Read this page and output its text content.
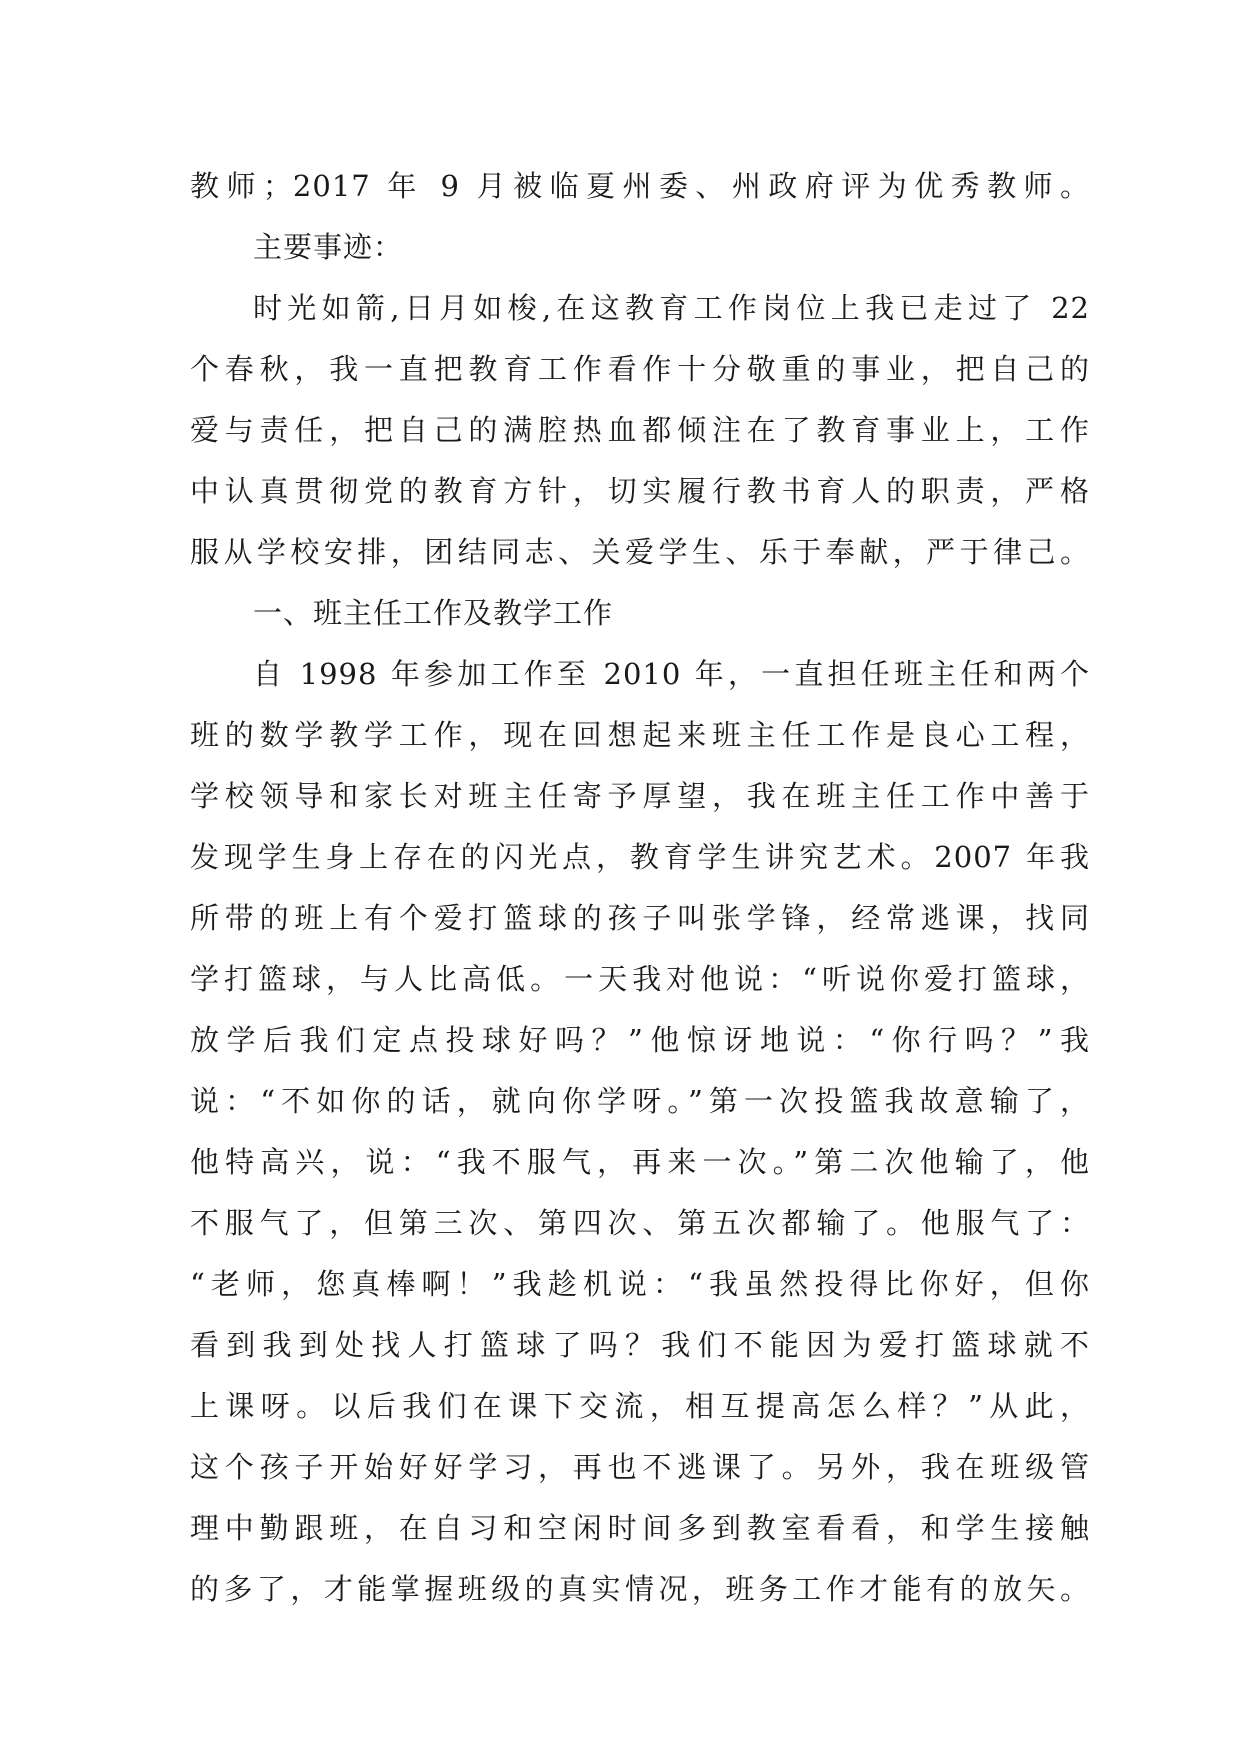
教师；2017 年 9 月被临夏州委、州政府评为优秀教师。
主要事迹：
时光如箭,日月如梭,在这教育工作岗位上我已走过了 22
个春秋，我一直把教育工作看作十分敬重的事业，把自己的
爱与责任，把自己的满腔热血都倾注在了教育事业上，工作
中认真贯彻党的教育方针，切实履行教书育人的职责，严格
服从学校安排，团结同志、关爱学生、乐于奉献，严于律己。
一、班主任工作及教学工作
自 1998 年参加工作至 2010 年，一直担任班主任和两个
班的数学教学工作，现在回想起来班主任工作是良心工程，
学校领导和家长对班主任寄予厚望，我在班主任工作中善于
发现学生身上存在的闪光点，教育学生讲究艺术。2007 年我
所带的班上有个爱打篮球的孩子叫张学锋，经常逃课，找同
学打篮球，与人比高低。一天我对他说：“听说你爱打篮球，
放学后我们定点投球好吗？”他惊讶地说：“你行吗？”我
说：“不如你的话，就向你学呀。”第一次投篮我故意输了，
他特高兴，说：“我不服气，再来一次。”第二次他输了，他
不服气了，但第三次、第四次、第五次都输了。他服气了：
“老师，您真棒啊！”我趁机说：“我虽然投得比你好，但你
看到我到处找人打篮球了吗？我们不能因为爱打篮球就不
上课呀。以后我们在课下交流，相互提高怎么样？”从此，
这个孩子开始好好学习，再也不逃课了。另外，我在班级管
理中勤跟班，在自习和空闲时间多到教室看看，和学生接触
的多了，才能掌握班级的真实情况，班务工作才能有的放矢。
